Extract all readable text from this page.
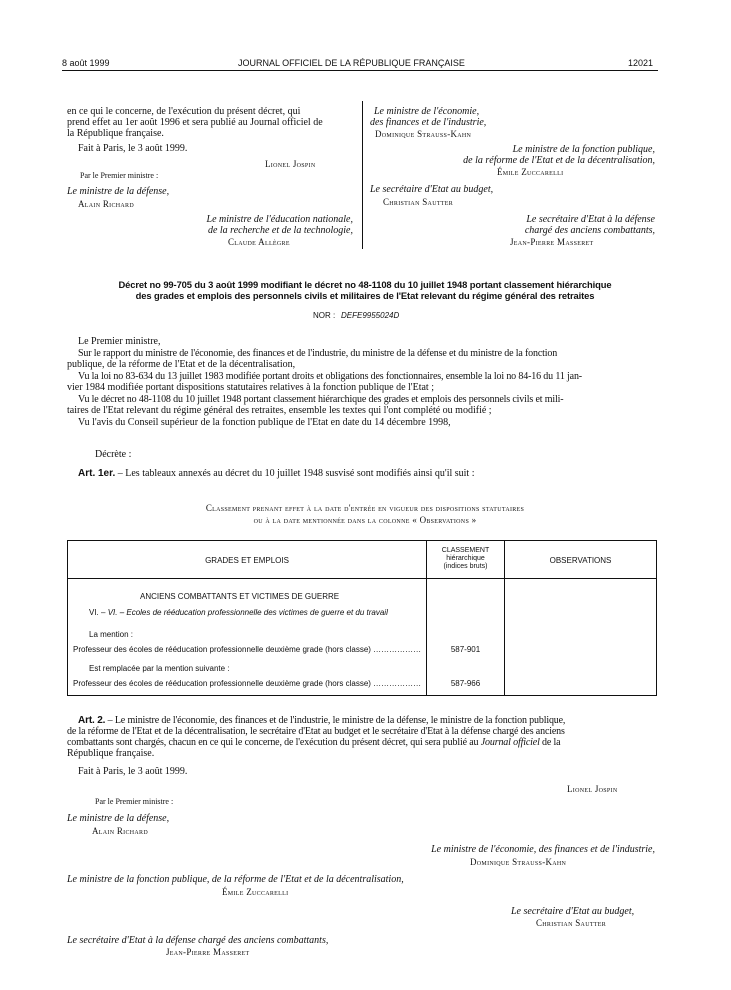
8 août 1999	JOURNAL OFFICIEL DE LA RÉPUBLIQUE FRANÇAISE	12021
en ce qui le concerne, de l'exécution du présent décret, qui
prend effet au 1er août 1996 et sera publié au Journal officiel de
la République française.
Fait à Paris, le 3 août 1999.
Lionel Jospin
Par le Premier ministre :
Le ministre de la défense,
Alain Richard
Le ministre de l'éducation nationale,
de la recherche et de la technologie,
Claude Allègre
Le ministre de l'économie,
des finances et de l'industrie,
Dominique Strauss-Kahn
Le ministre de la fonction publique,
de la réforme de l'Etat et de la décentralisation,
Émile Zuccarelli
Le secrétaire d'Etat au budget,
Christian Sautter
Le secrétaire d'Etat à la défense
chargé des anciens combattants,
Jean-Pierre Masseret
Décret no 99-705 du 3 août 1999 modifiant le décret no 48-1108 du 10 juillet 1948 portant classement hiérarchique
des grades et emplois des personnels civils et militaires de l'Etat relevant du régime général des retraites
NOR : DEFE9955024D
Le Premier ministre,
Sur le rapport du ministre de l'économie, des finances et de l'industrie, du ministre de la défense et du ministre de la fonction
publique, de la réforme de l'Etat et de la décentralisation,
Vu la loi no 83-634 du 13 juillet 1983 modifiée portant droits et obligations des fonctionnaires, ensemble la loi no 84-16 du 11 jan-
vier 1984 modifiée portant dispositions statutaires relatives à la fonction publique de l'Etat ;
Vu le décret no 48-1108 du 10 juillet 1948 portant classement hiérarchique des grades et emplois des personnels civils et mili-
taires de l'Etat relevant du régime général des retraites, ensemble les textes qui l'ont complété ou modifié ;
Vu l'avis du Conseil supérieur de la fonction publique de l'Etat en date du 14 décembre 1998,
Décrète :
Art. 1er. – Les tableaux annexés au décret du 10 juillet 1948 susvisé sont modifiés ainsi qu'il suit :
Classement prenant effet à la date d'entrée en vigueur des dispositions statutaires
ou à la date mentionnée dans la colonne « Observations »
GRADES ET EMPLOIS
CLASSEMENT
hiérarchique
(indices bruts)
OBSERVATIONS
ANCIENS COMBATTANTS ET VICTIMES DE GUERRE
VI. – VI. – Ecoles de rééducation professionnelle des victimes de guerre et du travail
La mention :
Professeur des écoles de rééducation professionnelle deuxième grade (hors classe) ………………	587-901
Est remplacée par la mention suivante :
Professeur des écoles de rééducation professionnelle deuxième grade (hors classe) ………………	587-966
Art. 2. – Le ministre de l'économie, des finances et de l'industrie, le ministre de la défense, le ministre de la fonction publique,
de la réforme de l'Etat et de la décentralisation, le secrétaire d'Etat au budget et le secrétaire d'Etat à la défense chargé des anciens
combattants sont chargés, chacun en ce qui le concerne, de l'exécution du présent décret, qui sera publié au Journal officiel de la
République française.
Fait à Paris, le 3 août 1999.
Lionel Jospin
Par le Premier ministre :
Le ministre de la défense,
Alain Richard
Le ministre de l'économie, des finances et de l'industrie,
Dominique Strauss-Kahn
Le ministre de la fonction publique, de la réforme de l'Etat et de la décentralisation,
Émile Zuccarelli
Le secrétaire d'Etat au budget,
Christian Sautter
Le secrétaire d'Etat à la défense chargé des anciens combattants,
Jean-Pierre Masseret
